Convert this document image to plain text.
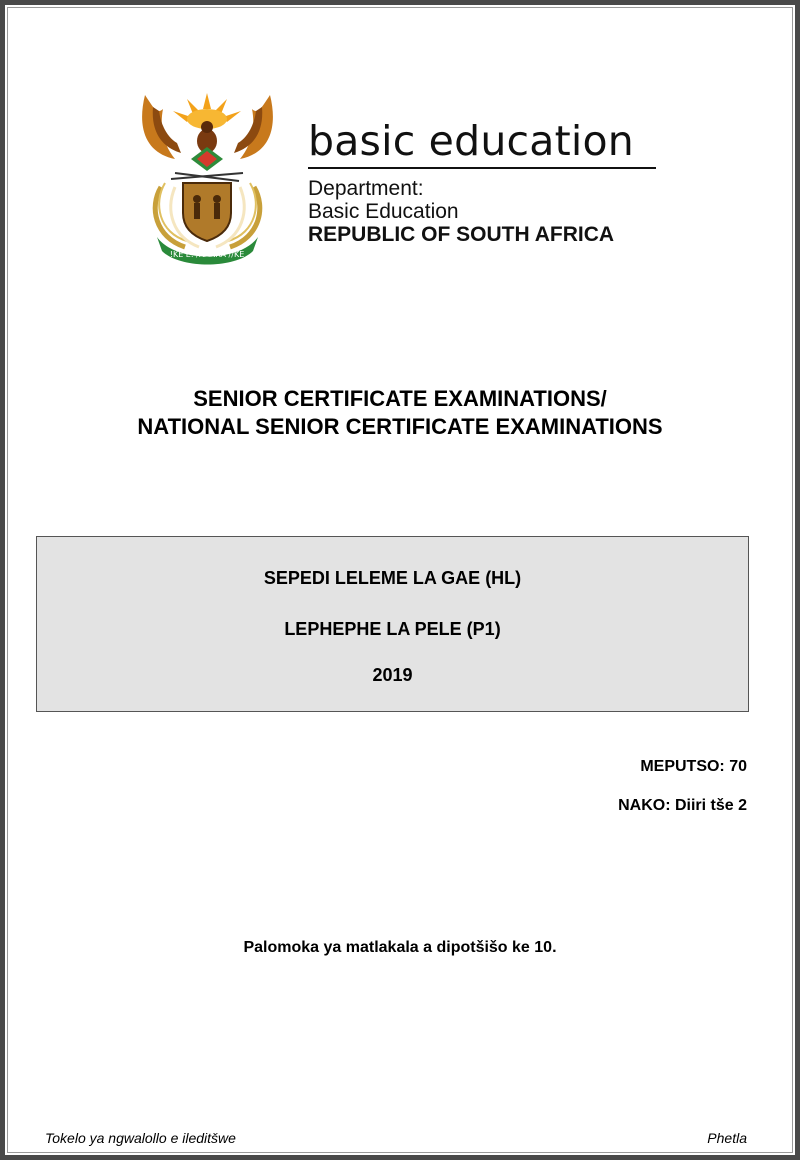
!KE E: /XARRA //KE

basic education

Department:

Basic Education

REPUBLIC OF SOUTH AFRICA

SENIOR CERTIFICATE EXAMINATIONS/
NATIONAL SENIOR CERTIFICATE EXAMINATIONS
SEPEDI LELEME LA GAE (HL)
LEPHEPHE LA PELE (P1)
2019
MEPUTSO: 70
NAKO: Diiri tše 2
Palomoka ya matlakala a dipotšišo ke 10.
Tokelo ya ngwalollo e ileditšwe	Phetla
